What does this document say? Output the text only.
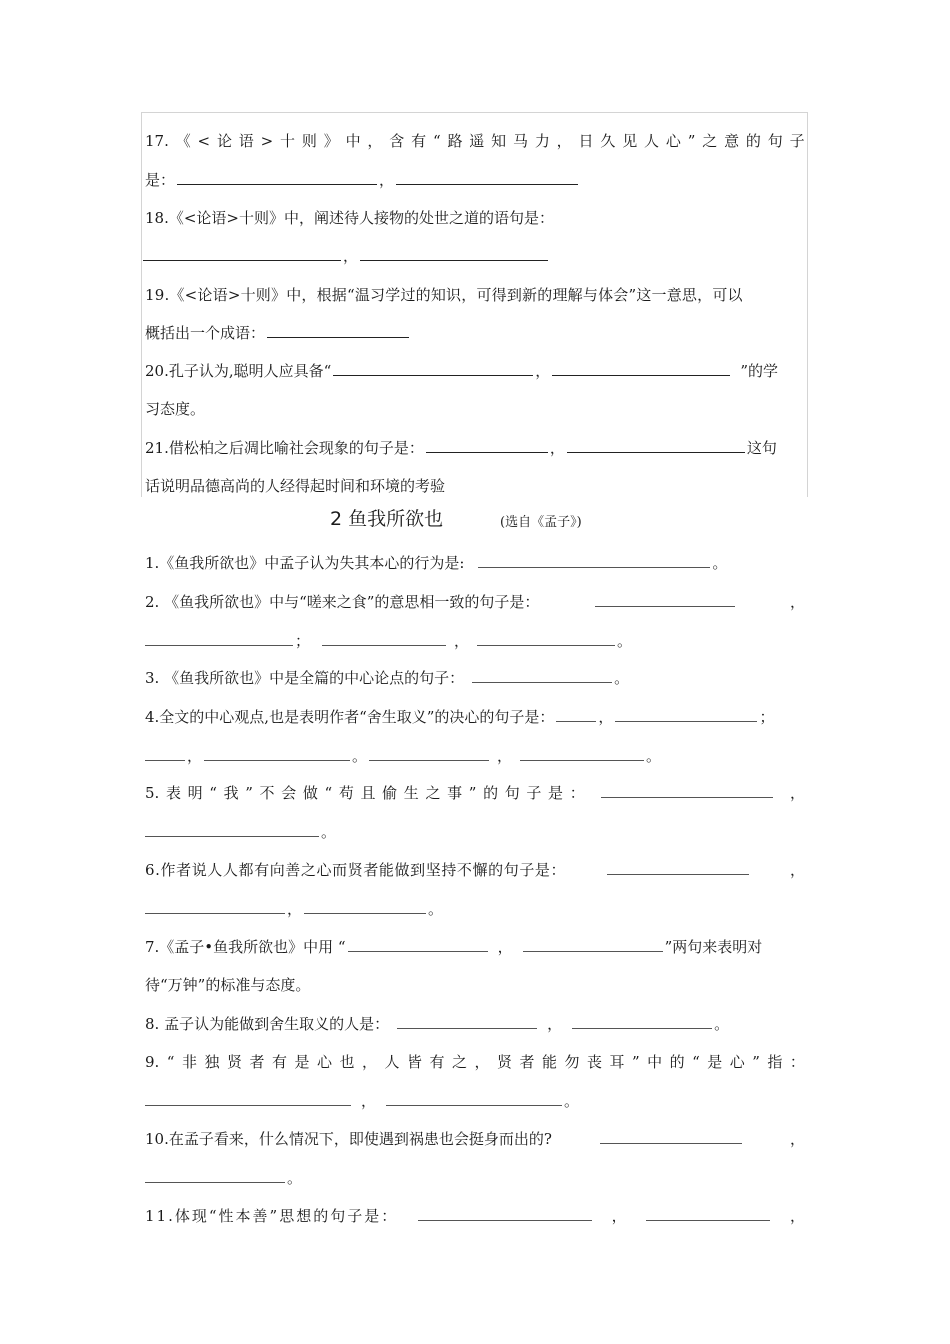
17. 《 < 论 语 > 十 则 》 中 ， 含 有 “ 路 遥 知 马 力 ， 日 久 见 人 心 ” 之 意 的 句 子
是：	，
18.《<论语>十则》中，阐述待人接物的处世之道的语句是：
，
19.《<论语>十则》中，根据“温习学过的知识，可得到新的理解与体会”这一意思，可以
概括出一个成语：
20.孔子认为,聪明人应具备“	，	”的学
习态度。
21.借松柏之后凋比喻社会现象的句子是：	，	这句
话说明品德高尚的人经得起时间和环境的考验
2 鱼我所欲也	(选自《孟子》)
1.《鱼我所欲也》中孟子认为失其本心的行为是:	。
2. 《鱼我所欲也》中与“嗟来之食”的意思相一致的句子是：	，
；	，	。
3. 《鱼我所欲也》中是全篇的中心论点的句子：	。
4.全文的中心观点,也是表明作者“舍生取义”的决心的句子是：	，	；
，	。	，	。
5. 表 明 “ 我 ” 不 会 做 “ 苟 且 偷 生 之 事 ” 的 句 子 是 ：	，
。
6.作者说人人都有向善之心而贤者能做到坚持不懈的句子是：	，
，	。
7.《孟子•鱼我所欲也》中用 “	，	”两句来表明对
待“万钟”的标准与态度。
8. 孟子认为能做到舍生取义的人是：	，	。
9. “ 非 独 贤 者 有 是 心 也 ， 人 皆 有 之 ， 贤 者 能 勿 丧 耳 ” 中 的 “ 是 心 ” 指 ：
，	。
10.在孟子看来，什么情况下，即使遇到祸患也会挺身而出的?	，
。
11.体现“性本善”思想的句子是：	，	，
